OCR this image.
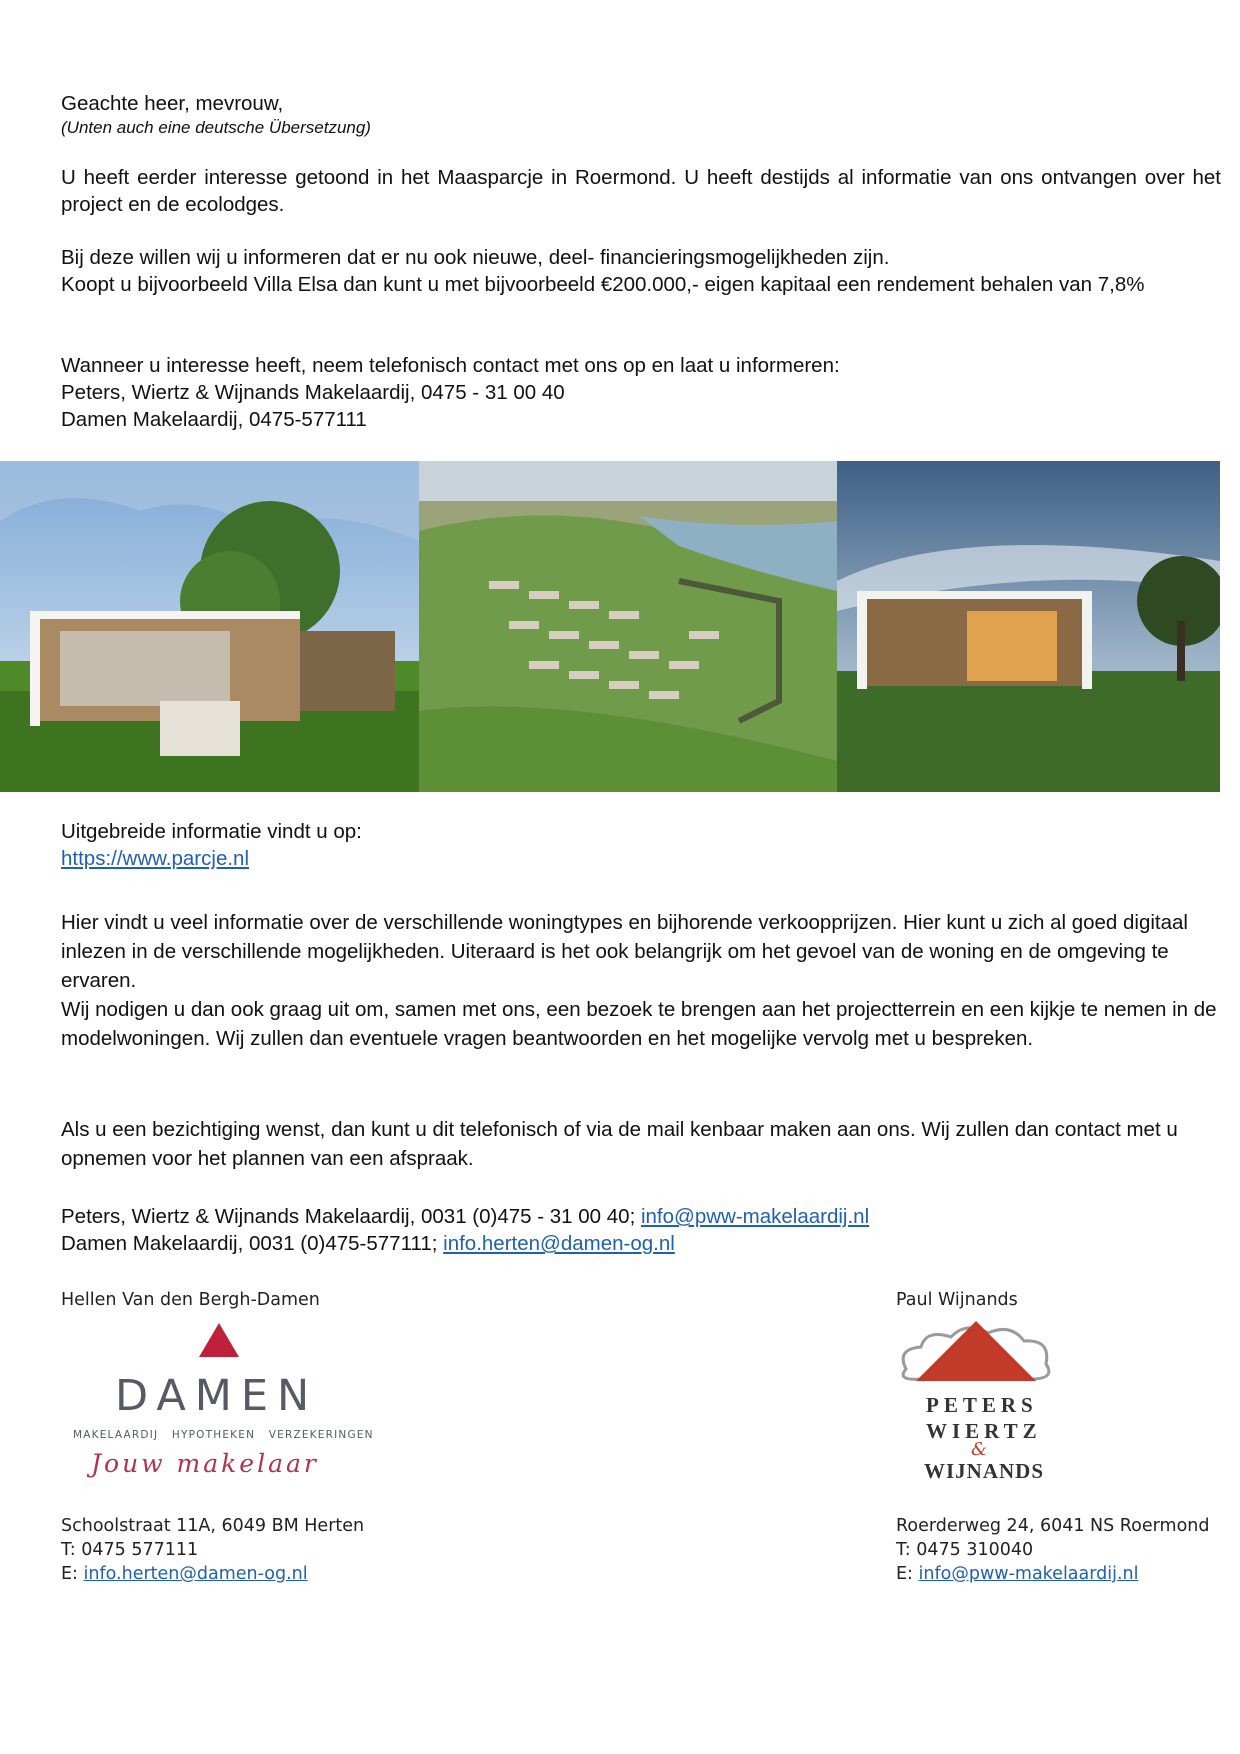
Geachte heer, mevrouw,
(Unten auch eine deutsche Übersetzung)
U heeft eerder interesse getoond in het Maasparcje in Roermond. U heeft destijds al informatie van ons ontvangen over het project en de ecolodges.
Bij deze willen wij u informeren dat er nu ook nieuwe, deel- financieringsmogelijkheden zijn.
Koopt u bijvoorbeeld Villa Elsa dan kunt u met bijvoorbeeld €200.000,- eigen kapitaal een rendement behalen van 7,8%
Wanneer u interesse heeft, neem telefonisch contact met ons op en laat u informeren:
Peters, Wiertz & Wijnands Makelaardij, 0475 - 31 00 40
Damen Makelaardij, 0475-577111
Uitgebreide informatie vindt u op:
https://www.parcje.nl
Hier vindt u veel informatie over de verschillende woningtypes en bijhorende verkoopprijzen. Hier kunt u zich al goed digitaal inlezen in de verschillende mogelijkheden. Uiteraard is het ook belangrijk om het gevoel van de woning en de omgeving te ervaren.
Wij nodigen u dan ook graag uit om, samen met ons, een bezoek te brengen aan het projectterrein en een kijkje te nemen in de modelwoningen. Wij zullen dan eventuele vragen beantwoorden en het mogelijke vervolg met u bespreken.
Als u een bezichtiging wenst, dan kunt u dit telefonisch of via de mail kenbaar maken aan ons. Wij zullen dan contact met u opnemen voor het plannen van een afspraak.
Peters, Wiertz & Wijnands Makelaardij, 0031 (0)475 - 31 00 40; info@pww-makelaardij.nl
Damen Makelaardij, 0031 (0)475-577111; info.herten@damen-og.nl
Hellen Van den Bergh-Damen
DAMEN
MAKELAARDIJ   HYPOTHEKEN   VERZEKERINGEN
Jouw makelaar
Schoolstraat 11A, 6049 BM Herten
T: 0475 577111
E: info.herten@damen-og.nl
Paul Wijnands
PETERS
WIERTZ
&
WIJNANDS
Roerderweg 24, 6041 NS Roermond
T: 0475 310040
E: info@pww-makelaardij.nl
